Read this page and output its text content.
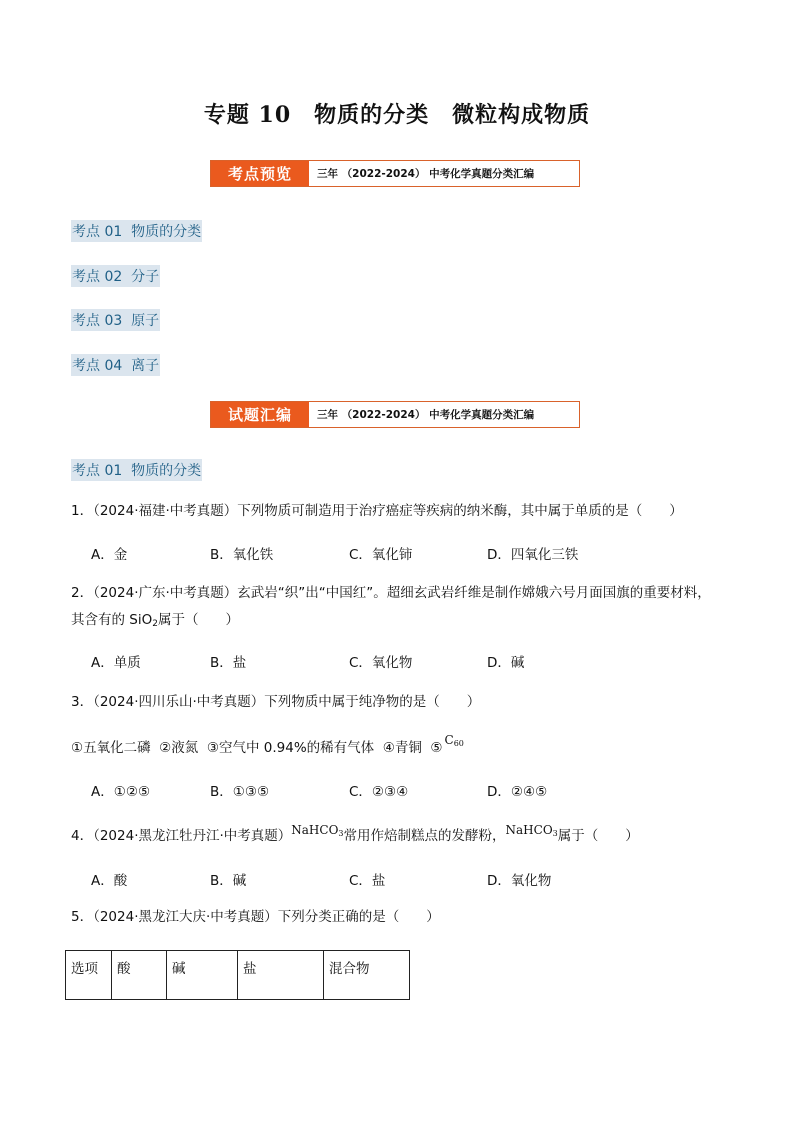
专题 10　物质的分类　微粒构成物质
考点预览	三年 （2022-2024） 中考化学真题分类汇编
考点 01  物质的分类
考点 02  分子
考点 03  原子
考点 04  离子
试题汇编	三年 （2022-2024） 中考化学真题分类汇编
考点 01  物质的分类
1．（2024·福建·中考真题）下列物质可制造用于治疗癌症等疾病的纳米酶，其中属于单质的是（　　）
A．金	B．氧化铁	C．氧化铈	D．四氧化三铁
2．（2024·广东·中考真题）玄武岩“织”出“中国红”。超细玄武岩纤维是制作嫦娥六号月面国旗的重要材料，
其含有的 SiO$_2$属于（　　）
A．单质	B．盐	C．氧化物	D．碱
3．（2024·四川乐山·中考真题）下列物质中属于纯净物的是（　　）
①五氧化二磷  ②液氮  ③空气中 0.94%的稀有气体  ④青铜  ⑤ C60
A．①②⑤	B．①③⑤	C．②③④	D．②④⑤
4．（2024·黑龙江牡丹江·中考真题）NaHCO3常用作焙制糕点的发酵粉，NaHCO3属于（　　）
A．酸	B．碱	C．盐	D．氧化物
5．（2024·黑龙江大庆·中考真题）下列分类正确的是（　　）
选项	酸	碱	盐	混合物
